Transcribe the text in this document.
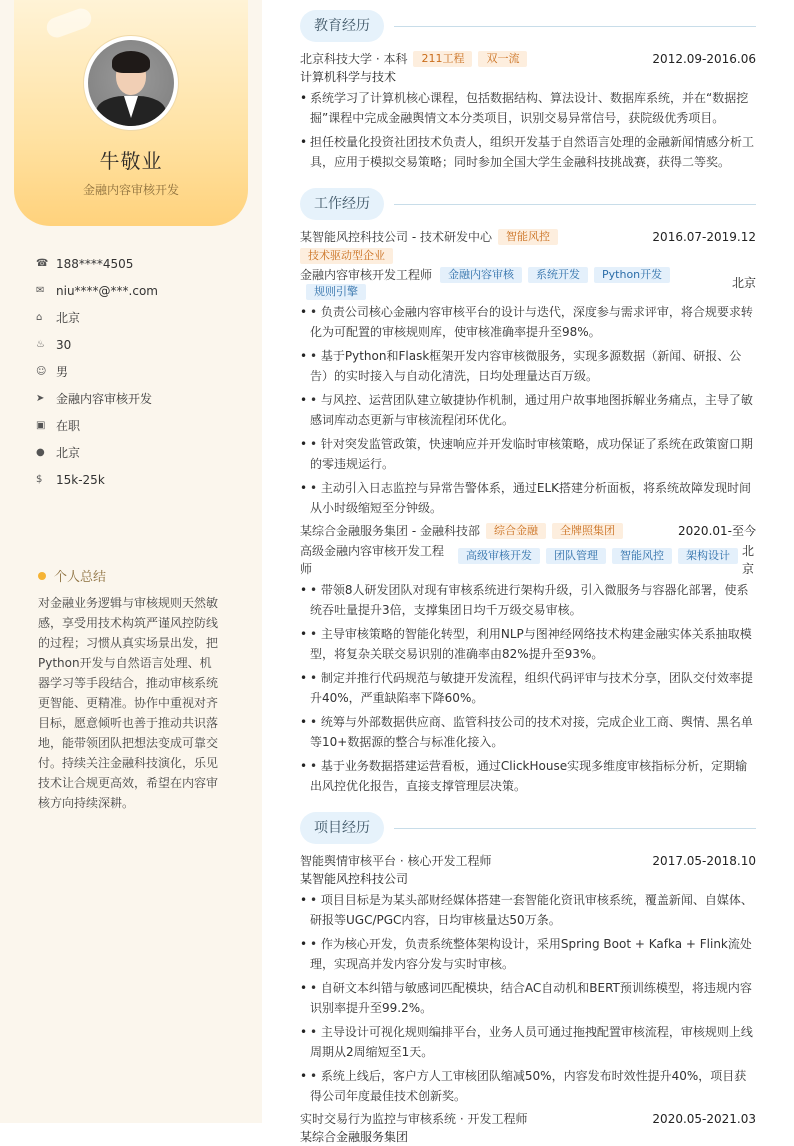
牛敬业
金融内容审核开发
☎ 188****4505
✉ niu****@***.com
⌂	北京
♨ 30
☺ 男
➤ 金融内容审核开发
▣ 在职
● 北京
$	15k-25k
个人总结

对金融业务逻辑与审核规则天然敏感，享受用技术构筑严谨风控防线的过程；习惯从真实场景出发，把Python开发与自然语言处理、机器学习等手段结合，推动审核系统更智能、更精准。协作中重视对齐目标，愿意倾听也善于推动共识落地，能带领团队把想法变成可靠交付。持续关注金融科技演化，乐见技术让合规更高效，希望在内容审核方向持续深耕。

教育经历
北京科技大学 · 本科	211工程	双一流	2012.09-2016.06
计算机科学与技术
• 系统学习了计算机核心课程，包括数据结构、算法设计、数据库系统，并在“数据挖掘”课程中完成金融舆情文本分类项目，识别交易异常信号，获院级优秀项目。
• 担任校量化投资社团技术负责人，组织开发基于自然语言处理的金融新闻情感分析工具，应用于模拟交易策略；同时参加全国大学生金融科技挑战赛，获得二等奖。
工作经历
某智能风控科技公司 - 技术研发中心	智能风控	2016.07-2019.12
技术驱动型企业
金融内容审核开发工程师	金融内容审核	系统开发	Python开发
规则引擎
北京
• • 负责公司核心金融内容审核平台的设计与迭代，深度参与需求评审，将合规要求转化为可配置的审核规则库，使审核准确率提升至98%。
• • 基于Python和Flask框架开发内容审核微服务，实现多源数据（新闻、研报、公告）的实时接入与自动化清洗，日均处理量达百万级。
• • 与风控、运营团队建立敏捷协作机制，通过用户故事地图拆解业务痛点，主导了敏感词库动态更新与审核流程闭环优化。
• • 针对突发监管政策，快速响应并开发临时审核策略，成功保证了系统在政策窗口期的零违规运行。
• • 主动引入日志监控与异常告警体系，通过ELK搭建分析面板，将系统故障发现时间从小时级缩短至分钟级。
某综合金融服务集团 - 金融科技部	综合金融	全牌照集团	2020.01-至今
高级金融内容审核开发工程师
高级审核开发	团队管理	智能风控	架构设计	北京
• • 带领8人研发团队对现有审核系统进行架构升级，引入微服务与容器化部署，使系统吞吐量提升3倍，支撑集团日均千万级交易审核。
• • 主导审核策略的智能化转型，利用NLP与图神经网络技术构建金融实体关系抽取模型，将复杂关联交易识别的准确率由82%提升至93%。
• • 制定并推行代码规范与敏捷开发流程，组织代码评审与技术分享，团队交付效率提升40%，严重缺陷率下降60%。
• • 统筹与外部数据供应商、监管科技公司的技术对接，完成企业工商、舆情、黑名单等10+数据源的整合与标准化接入。
• • 基于业务数据搭建运营看板，通过ClickHouse实现多维度审核指标分析，定期输出风控优化报告，直接支撑管理层决策。
项目经历
智能舆情审核平台 · 核心开发工程师	2017.05-2018.10
某智能风控科技公司
• • 项目目标是为某头部财经媒体搭建一套智能化资讯审核系统，覆盖新闻、自媒体、研报等UGC/PGC内容，日均审核量达50万条。
• • 作为核心开发，负责系统整体架构设计，采用Spring Boot + Kafka + Flink流处理，实现高并发内容分发与实时审核。
• • 自研文本纠错与敏感词匹配模块，结合AC自动机和BERT预训练模型，将违规内容识别率提升至99.2%。
• • 主导设计可视化规则编排平台，业务人员可通过拖拽配置审核流程，审核规则上线周期从2周缩短至1天。
• • 系统上线后，客户方人工审核团队缩减50%，内容发布时效性提升40%，项目获得公司年度最佳技术创新奖。
实时交易行为监控与审核系统 · 开发工程师	2020.05-2021.03
某综合金融服务集团
